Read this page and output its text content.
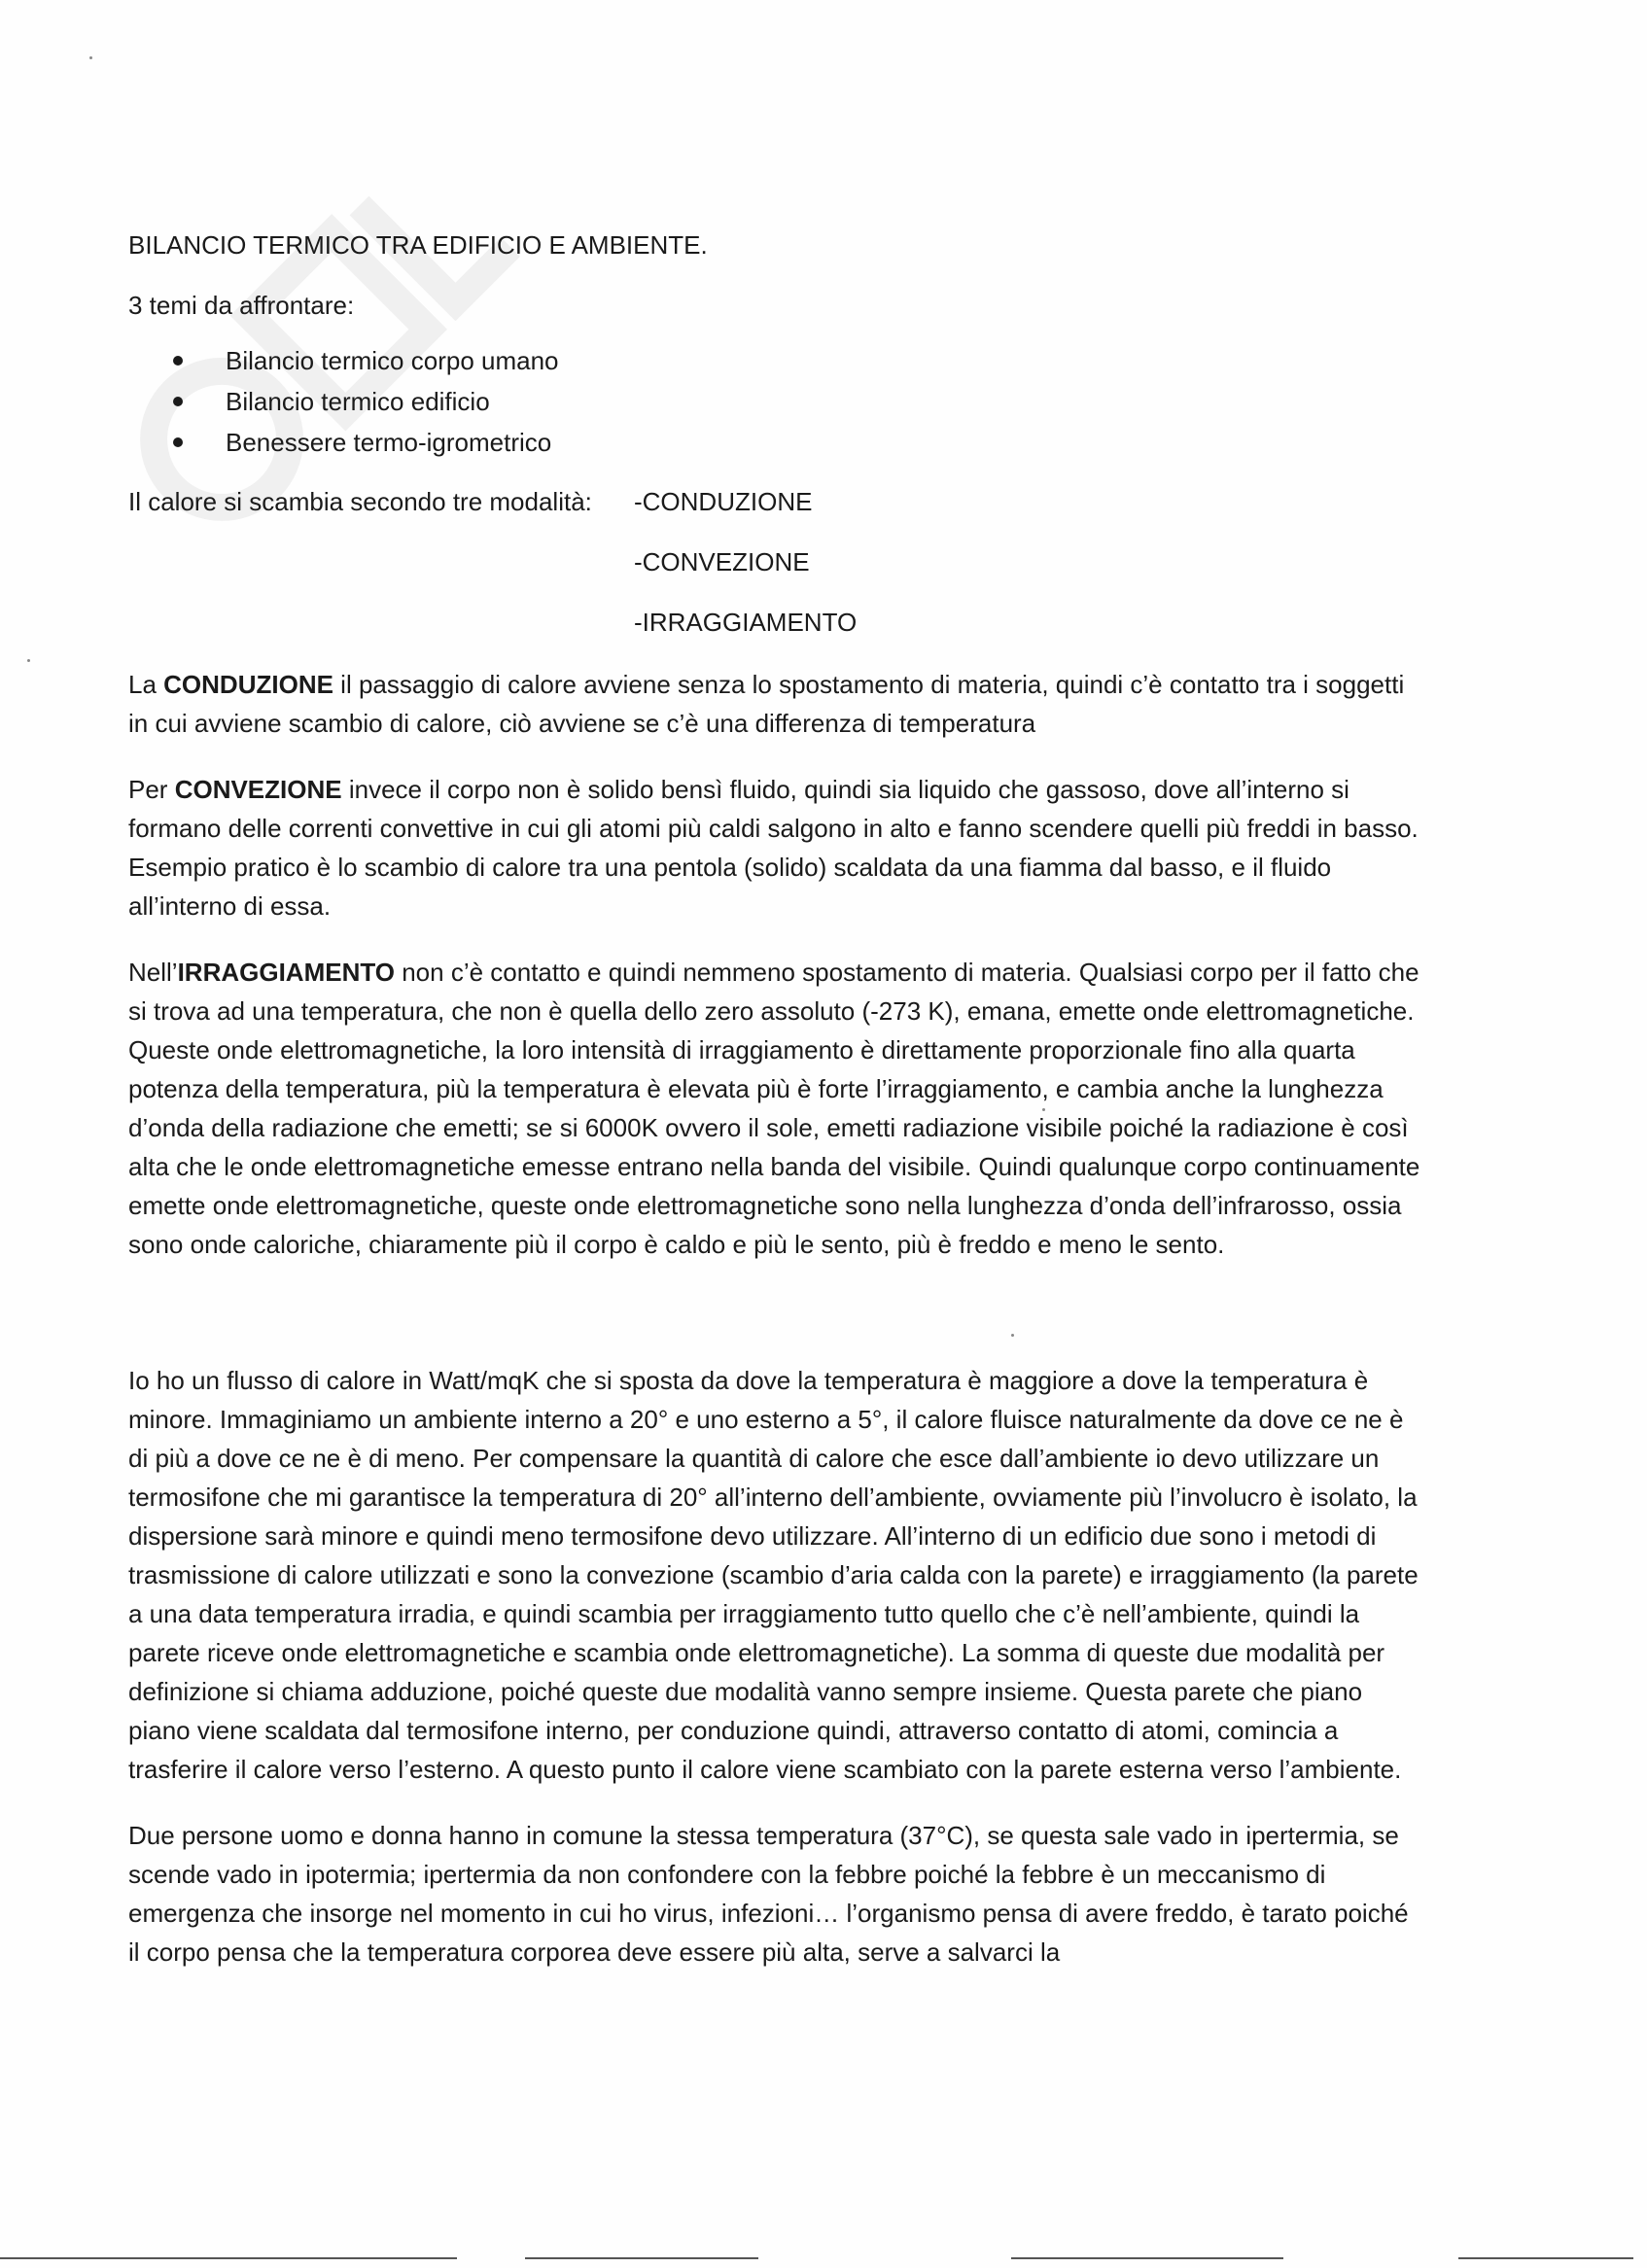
BILANCIO TERMICO TRA EDIFICIO E AMBIENTE.

3 temi da affrontare:

Bilancio termico corpo umano
Bilancio termico edificio
Benessere termo-igrometrico
Il calore si scambia secondo tre modalità: -CONDUZIONE
-CONVEZIONE
-IRRAGGIAMENTO

La CONDUZIONE il passaggio di calore avviene senza lo spostamento di materia, quindi c’è contatto tra i soggetti in cui avviene scambio di calore, ciò avviene se c’è una differenza di temperatura

Per CONVEZIONE invece il corpo non è solido bensì fluido, quindi sia liquido che gassoso, dove all’interno si formano delle correnti convettive in cui gli atomi più caldi salgono in alto e fanno scendere quelli più freddi in basso. Esempio pratico è lo scambio di calore tra una pentola (solido) scaldata da una fiamma dal basso, e il fluido all’interno di essa.

Nell’IRRAGGIAMENTO non c’è contatto e quindi nemmeno spostamento di materia. Qualsiasi corpo per il fatto che si trova ad una temperatura, che non è quella dello zero assoluto (-273 K), emana, emette onde elettromagnetiche. Queste onde elettromagnetiche, la loro intensità di irraggiamento è direttamente proporzionale fino alla quarta potenza della temperatura, più la temperatura è elevata più è forte l’irraggiamento, e cambia anche la lunghezza d’onda della radiazione che emetti; se si 6000K ovvero il sole, emetti radiazione visibile poiché la radiazione è così alta che le onde elettromagnetiche emesse entrano nella banda del visibile. Quindi qualunque corpo continuamente emette onde elettromagnetiche, queste onde elettromagnetiche sono nella lunghezza d’onda dell’infrarosso, ossia sono onde caloriche, chiaramente più il corpo è caldo e più le sento, più è freddo e meno le sento.

Io ho un flusso di calore in Watt/mqK che si sposta da dove la temperatura è maggiore a dove la temperatura è minore. Immaginiamo un ambiente interno a 20° e uno esterno a 5°, il calore fluisce naturalmente da dove ce ne è di più a dove ce ne è di meno. Per compensare la quantità di calore che esce dall’ambiente io devo utilizzare un termosifone che mi garantisce la temperatura di 20° all’interno dell’ambiente, ovviamente più l’involucro è isolato, la dispersione sarà minore e quindi meno termosifone devo utilizzare. All’interno di un edificio due sono i metodi di trasmissione di calore utilizzati e sono la convezione (scambio d’aria calda con la parete) e irraggiamento (la parete a una data temperatura irradia, e quindi scambia per irraggiamento tutto quello che c’è nell’ambiente, quindi la parete riceve onde elettromagnetiche e scambia onde elettromagnetiche). La somma di queste due modalità per definizione si chiama adduzione, poiché queste due modalità vanno sempre insieme. Questa parete che piano piano viene scaldata dal termosifone interno, per conduzione quindi, attraverso contatto di atomi, comincia a trasferire il calore verso l’esterno. A questo punto il calore viene scambiato con la parete esterna verso l’ambiente.

Due persone uomo e donna hanno in comune la stessa temperatura (37°C), se questa sale vado in ipertermia, se scende vado in ipotermia; ipertermia da non confondere con la febbre poiché la febbre è un meccanismo di emergenza che insorge nel momento in cui ho virus, infezioni… l’organismo pensa di avere freddo, è tarato poiché il corpo pensa che la temperatura corporea deve essere più alta, serve a salvarci la
